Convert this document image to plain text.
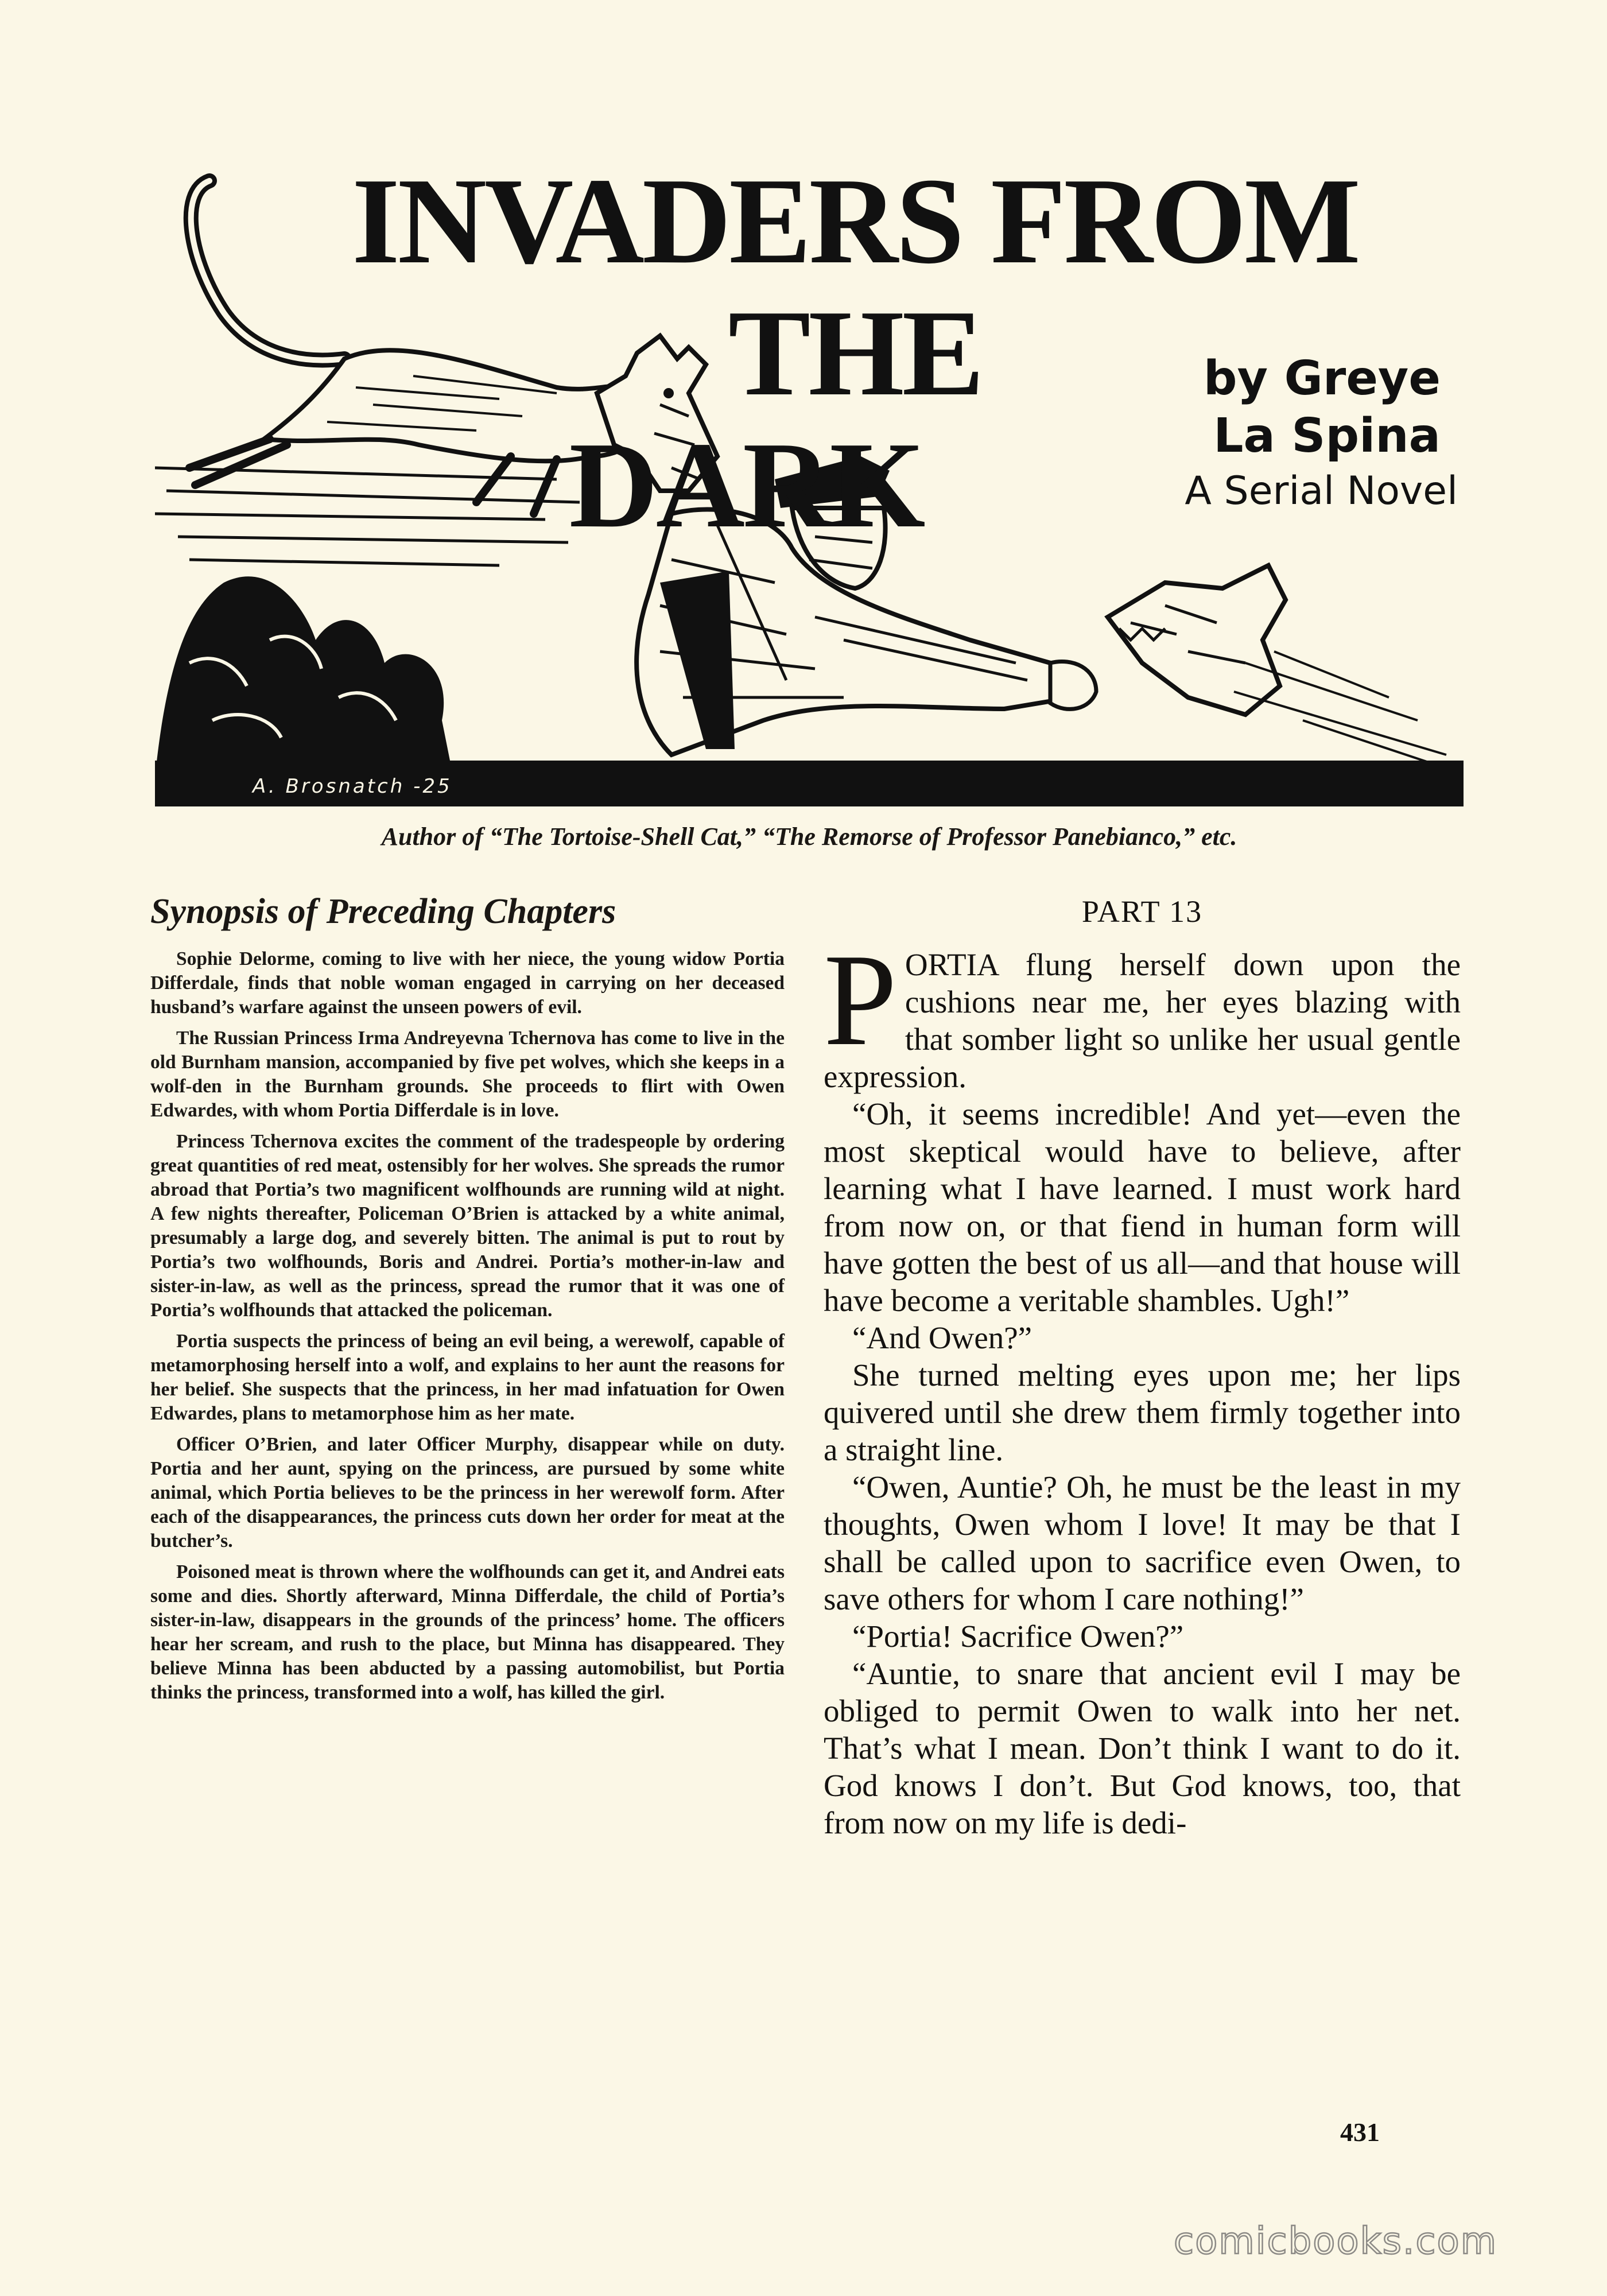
INVADERS FROM THE
DARK
by Greye
La Spina
A Serial Novel
A. Brosnatch -25
Author of “The Tortoise-Shell Cat,” “The Remorse of Professor Panebianco,” etc.
Synopsis of Preceding Chapters

Sophie Delorme, coming to live with her niece, the young widow Portia Differdale, finds that noble woman engaged in carrying on her deceased husband’s warfare against the unseen powers of evil.

The Russian Princess Irma Andreyevna Tchernova has come to live in the old Burnham mansion, accompanied by five pet wolves, which she keeps in a wolf-den in the Burnham grounds. She proceeds to flirt with Owen Edwardes, with whom Portia Differdale is in love.

Princess Tchernova excites the comment of the tradespeople by ordering great quantities of red meat, ostensibly for her wolves. She spreads the rumor abroad that Portia’s two magnificent wolfhounds are running wild at night. A few nights thereafter, Policeman O’Brien is attacked by a white animal, presumably a large dog, and severely bitten. The animal is put to rout by Portia’s two wolfhounds, Boris and Andrei. Portia’s mother-in-law and sister-in-law, as well as the princess, spread the rumor that it was one of Portia’s wolfhounds that attacked the policeman.

Portia suspects the princess of being an evil being, a werewolf, capable of metamorphosing herself into a wolf, and explains to her aunt the reasons for her belief. She suspects that the princess, in her mad infatuation for Owen Edwardes, plans to metamorphose him as her mate.

Officer O’Brien, and later Officer Murphy, disappear while on duty. Portia and her aunt, spying on the princess, are pursued by some white animal, which Portia believes to be the princess in her werewolf form. After each of the disappearances, the princess cuts down her order for meat at the butcher’s.

Poisoned meat is thrown where the wolfhounds can get it, and Andrei eats some and dies. Shortly afterward, Minna Differdale, the child of Portia’s sister-in-law, disappears in the grounds of the princess’ home. The officers hear her scream, and rush to the place, but Minna has disappeared. They believe Minna has been abducted by a passing automobilist, but Portia thinks the princess, transformed into a wolf, has killed the girl.

PART 13

PORTIA flung herself down upon the cushions near me, her eyes blazing with that somber light so unlike her usual gentle expression.

“Oh, it seems incredible! And yet—even the most skeptical would have to believe, after learning what I have learned. I must work hard from now on, or that fiend in human form will have gotten the best of us all—and that house will have become a veritable shambles. Ugh!”

“And Owen?”

She turned melting eyes upon me; her lips quivered until she drew them firmly together into a straight line.

“Owen, Auntie? Oh, he must be the least in my thoughts, Owen whom I love! It may be that I shall be called upon to sacrifice even Owen, to save others for whom I care nothing!”

“Portia! Sacrifice Owen?”

“Auntie, to snare that ancient evil I may be obliged to permit Owen to walk into her net. That’s what I mean. Don’t think I want to do it. God knows I don’t. But God knows, too, that from now on my life is dedi-

431
comicbooks.com
